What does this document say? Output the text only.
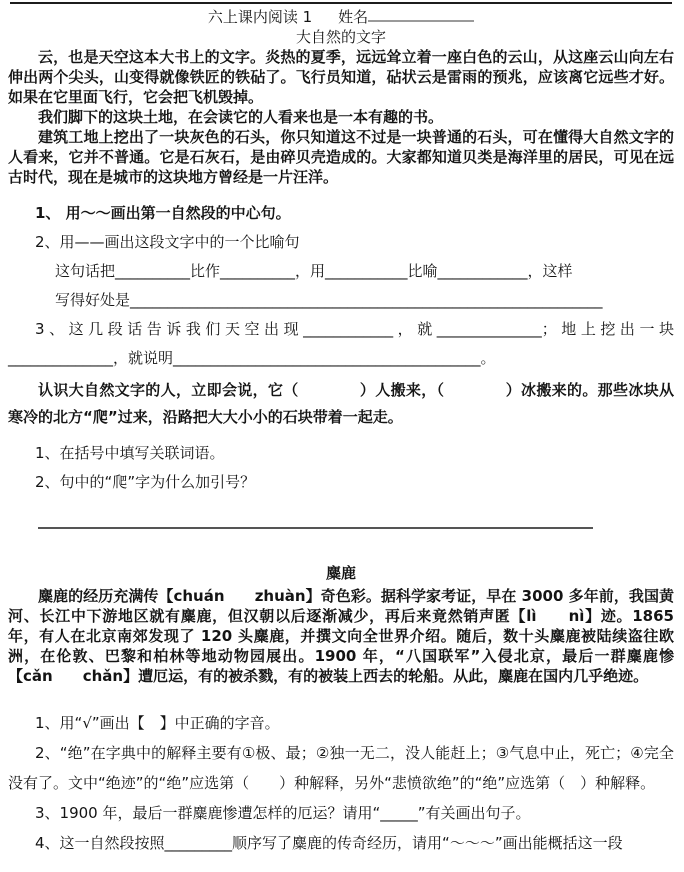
六上课内阅读 1 姓名
大自然的文字

云，也是天空这本大书上的文字。炎热的夏季，远远耸立着一座白色的云山，从这座云山向左右伸出两个尖头，山变得就像铁匠的铁砧了。飞行员知道，砧状云是雷雨的预兆，应该离它远些才好。如果在它里面飞行，它会把飞机毁掉。

我们脚下的这块土地，在会读它的人看来也是一本有趣的书。

建筑工地上挖出了一块灰色的石头，你只知道这不过是一块普通的石头，可在懂得大自然文字的人看来，它并不普通。它是石灰石，是由碎贝壳造成的。大家都知道贝类是海洋里的居民，可见在远古时代，现在是城市的这块地方曾经是一片汪洋。

1、 用～～画出第一自然段的中心句。
2、用——画出这段文字中的一个比喻句
这句话把__________比作__________，用___________比喻____________，这样
写得好处是_______________________________________________________________

3、这几段话告诉我们天空出现____________，就______________；地上挖出一块______________，就说明_________________________________________。

认识大自然文字的人，立即会说，它（　　　　）人搬来，（　　　　）冰搬来的。那些冰块从寒冷的北方“爬”过来，沿路把大大小小的石块带着一起走。

1、在括号中填写关联词语。
2、句中的“爬”字为什么加引号？
麋鹿

麋鹿的经历充满传【chuán　　zhuàn】奇色彩。据科学家考证，早在 3000 多年前，我国黄河、长江中下游地区就有麋鹿，但汉朝以后逐渐减少，再后来竟然销声匿【lì　　nì】迹。1865 年，有人在北京南郊发现了 120 头麋鹿，并撰文向全世界介绍。随后，数十头麋鹿被陆续盗往欧洲，在伦敦、巴黎和柏林等地动物园展出。1900 年，“八国联军”入侵北京，最后一群麋鹿惨【cǎn　　chǎn】遭厄运，有的被杀戮，有的被装上西去的轮船。从此，麋鹿在国内几乎绝迹。

1、用“√”画出【　】中正确的字音。

2、“绝”在字典中的解释主要有①极、最；②独一无二，没人能赶上；③气息中止，死亡；④完全没有了。文中“绝迹”的“绝”应选第（　　）种解释，另外“悲愤欲绝”的“绝”应选第（　）种解释。

3、1900 年，最后一群麋鹿惨遭怎样的厄运？请用“_____”有关画出句子。
4、这一自然段按照_________顺序写了麋鹿的传奇经历，请用“～～～”画出能概括这一段
